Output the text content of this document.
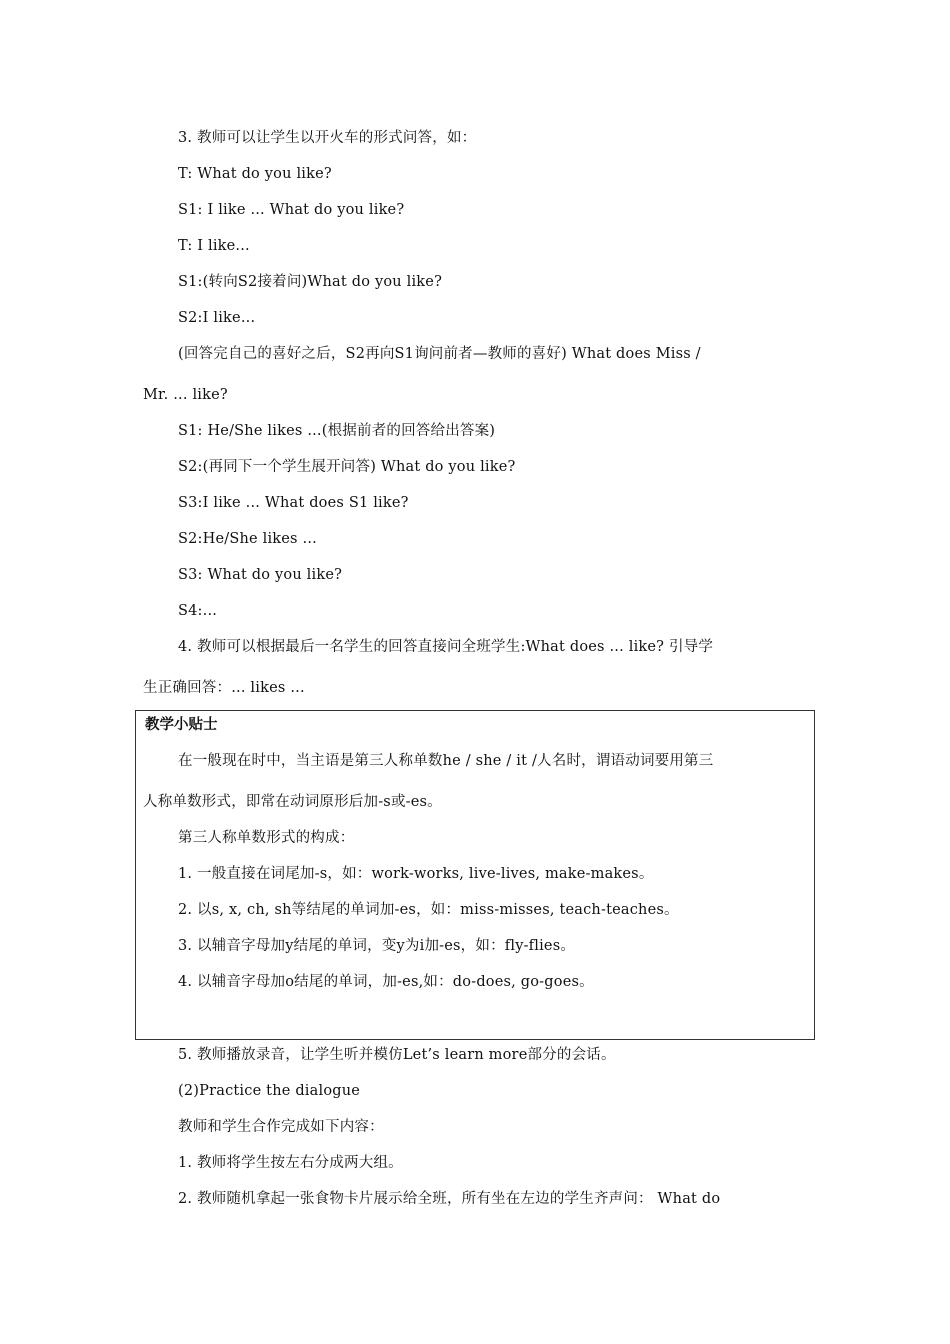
3. 教师可以让学生以开火车的形式问答，如：
T: What do you like?
S1: I like ... What do you like?
T: I like...
S1:(转向S2接着问)What do you like?
S2:I like...
(回答完自己的喜好之后，S2再向S1询问前者—教师的喜好) What does Miss /
Mr. ... like?
S1: He/She likes ...(根据前者的回答给出答案)
S2:(再同下一个学生展开问答) What do you like?
S3:I like ... What does S1 like?
S2:He/She likes ...
S3: What do you like?
S4:...
4. 教师可以根据最后一名学生的回答直接问全班学生:What does ... like? 引导学
生正确回答：... likes ...
教学小贴士
在一般现在时中，当主语是第三人称单数he / she / it /人名时，谓语动词要用第三
人称单数形式，即常在动词原形后加-s或-es。
第三人称单数形式的构成：
1. 一般直接在词尾加-s，如：work-works, live-lives, make-makes。
2. 以s, x, ch, sh等结尾的单词加-es，如：miss-misses, teach-teaches。
3. 以辅音字母加y结尾的单词，变y为i加-es，如：fly-flies。
4. 以辅音字母加o结尾的单词，加-es,如：do-does, go-goes。
5. 教师播放录音，让学生听并模仿Let’s learn more部分的会话。
(2)Practice the dialogue
教师和学生合作完成如下内容：
1. 教师将学生按左右分成两大组。
2. 教师随机拿起一张食物卡片展示给全班，所有坐在左边的学生齐声问： What do
